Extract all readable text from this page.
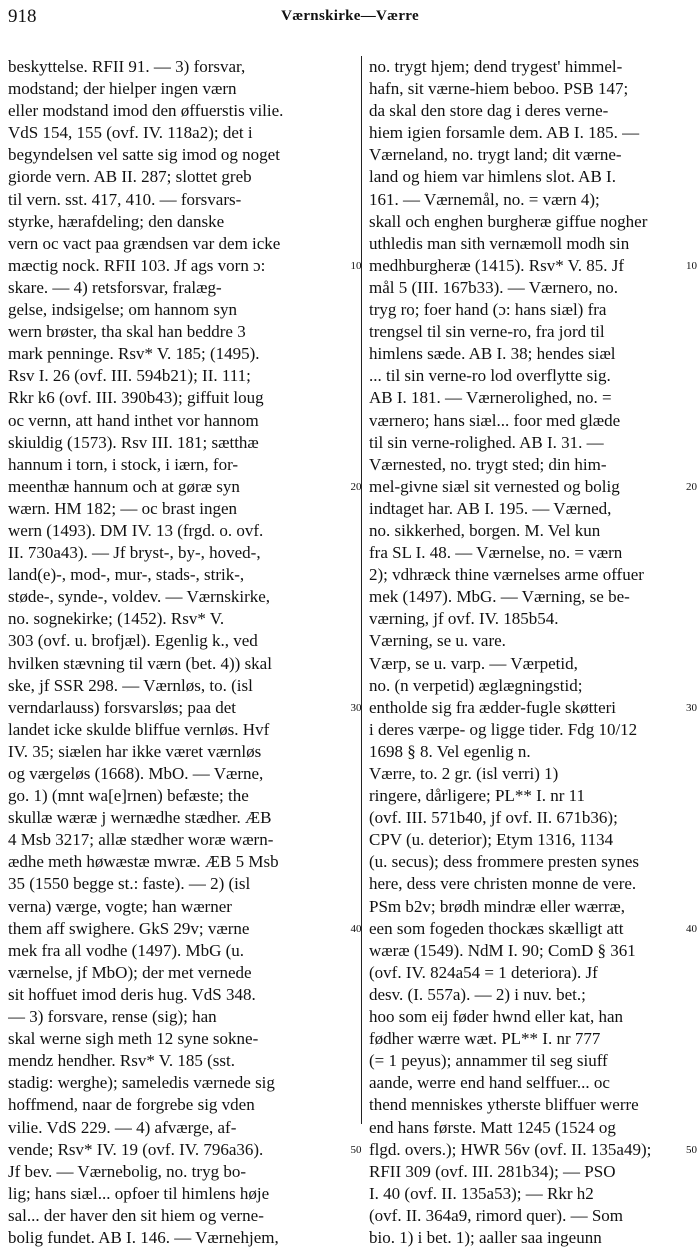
918	Værnskirke—Værre
beskyttelse. RFII 91. — 3) forsvar,
modstand; der hielper ingen værn
eller modstand imod den øffuerstis vilie.
VdS 154, 155 (ovf. IV. 118a2); det i
begyndelsen vel satte sig imod og noget
giorde vern. AB II. 287; slottet greb
til vern. sst. 417, 410. — forsvars-
styrke, hærafdeling; den danske
vern oc vact paa grændsen var dem icke
mæctig nock. RFII 103. Jf ags vorn ɔ:
skare. — 4) retsforsvar, fralæg-
gelse, indsigelse; om hannom syn
wern brøster, tha skal han beddre 3
mark penninge. Rsv* V. 185; (1495).
Rsv I. 26 (ovf. III. 594b21); II. 111;
Rkr k6 (ovf. III. 390b43); giffuit loug
oc vernn, att hand inthet vor hannom
skiuldig (1573). Rsv III. 181; sætthæ
hannum i torn, i stock, i iærn, for-
meenthæ hannum och at gøræ syn
wærn. HM 182; — oc brast ingen
wern (1493). DM IV. 13 (frgd. o. ovf.
II. 730a43). — Jf bryst-, by-, hoved-,
land(e)-, mod-, mur-, stads-, strik-,
støde-, synde-, voldev. — Værnskirke,
no. sognekirke; (1452). Rsv* V.
303 (ovf. u. brofjæl). Egenlig k., ved
hvilken stævning til værn (bet. 4)) skal
ske, jf SSR 298. — Værnløs, to. (isl
verndarlauss) forsvarsløs; paa det
landet icke skulde bliffue vernløs. Hvf
IV. 35; siælen har ikke været værnløs
og værgeløs (1668). MbO. — Værne,
go. 1) (mnt wa[e]rnen) befæste; the
skullæ wæræ j wernædhe stædher. ÆB
4 Msb 3217; allæ stædher woræ wærn-
ædhe meth høwæstæ mwræ. ÆB 5 Msb
35 (1550 begge st.: faste). — 2) (isl
verna) værge, vogte; han wærner
them aff swighere. GkS 29v; værne
mek fra all vodhe (1497). MbG (u.
værnelse, jf MbO); der met vernede
sit hoffuet imod deris hug. VdS 348.
— 3) forsvare, rense (sig); han
skal werne sigh meth 12 syne sokne-
mendz hendher. Rsv* V. 185 (sst.
stadig: werghe); sameledis værnede sig
hoffmend, naar de forgrebe sig vden
vilie. VdS 229. — 4) afværge, af-
vende; Rsv* IV. 19 (ovf. IV. 796a36).
Jf bev. — Værnebolig, no. tryg bo-
lig; hans siæl... opfoer til himlens høje
sal... der haver den sit hiem og verne-
bolig fundet. AB I. 146. — Værnehjem,
no. trygt hjem; dend trygest' himmel-
hafn, sit værne-hiem beboo. PSB 147;
da skal den store dag i deres verne-
hiem igien forsamle dem. AB I. 185. —
Værneland, no. trygt land; dit værne-
land og hiem var himlens slot. AB I.
161. — Værnemål, no. = værn 4);
skall och enghen burgheræ giffue nogher
uthledis man sith vernæmoll modh sin
medhburgheræ (1415). Rsv* V. 85. Jf
mål 5 (III. 167b33). — Værnero, no.
tryg ro; foer hand (ɔ: hans siæl) fra
trengsel til sin verne-ro, fra jord til
himlens sæde. AB I. 38; hendes siæl
... til sin verne-ro lod overflytte sig.
AB I. 181. — Værnerolighed, no. =
værnero; hans siæl... foor med glæde
til sin verne-rolighed. AB I. 31. —
Værnested, no. trygt sted; din him-
mel-givne siæl sit vernested og bolig
indtaget har. AB I. 195. — Værned,
no. sikkerhed, borgen. M. Vel kun
fra SL I. 48. — Værnelse, no. = værn
2); vdhræck thine værnelses arme offuer
mek (1497). MbG. — Værning, se be-
værning, jf ovf. IV. 185b54.
Værning, se u. vare.
Værp, se u. varp. — Værpetid,
no. (n verpetid) æglægningstid;
entholde sig fra ædder-fugle skøtteri
i deres værpe- og ligge tider. Fdg 10/12
1698 § 8. Vel egenlig n.
Værre, to. 2 gr. (isl verri) 1)
ringere, dårligere; PL** I. nr 11
(ovf. III. 571b40, jf ovf. II. 671b36);
CPV (u. deterior); Etym 1316, 1134
(u. secus); dess frommere presten synes
here, dess vere christen monne de vere.
PSm b2v; brødh mindræ eller wærræ,
een som fogeden thockæs skælligt att
wæræ (1549). NdM I. 90; ComD § 361
(ovf. IV. 824a54 = 1 deteriora). Jf
desv. (I. 557a). — 2) i nuv. bet.;
hoo som eij føder hwnd eller kat, han
fødher wærre wæt. PL** I. nr 777
(= 1 peyus); annammer til seg siuff
aande, werre end hand selffuer... oc
thend menniskes ytherste bliffuer werre
end hans første. Matt 1245 (1524 og
flgd. overs.); HWR 56v (ovf. II. 135a49);
RFII 309 (ovf. III. 281b34); — PSO
I. 40 (ovf. II. 135a53); — Rkr h2
(ovf. II. 364a9, rimord quer). — Som
bio. 1) i bet. 1); aaller saa ingeunn
10
20
30
40
50
10
20
30
40
50
